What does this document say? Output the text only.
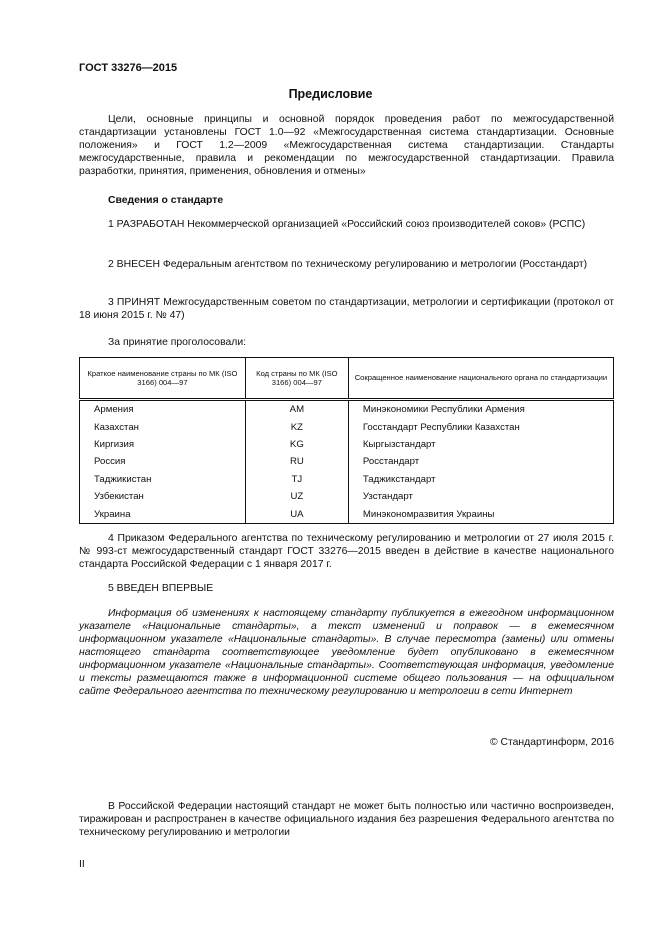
ГОСТ 33276—2015
Предисловие
Цели, основные принципы и основной порядок проведения работ по межгосударственной стандартизации установлены ГОСТ 1.0—92 «Межгосударственная система стандартизации. Основные положения» и ГОСТ 1.2—2009 «Межгосударственная система стандартизации. Стандарты межгосударственные, правила и рекомендации по межгосударственной стандартизации. Правила разработки, принятия, применения, обновления и отмены»
Сведения о стандарте
1 РАЗРАБОТАН Некоммерческой организацией «Российский союз производителей соков» (РСПС)
2 ВНЕСЕН Федеральным агентством по техническому регулированию и метрологии (Росстандарт)
3 ПРИНЯТ Межгосударственным советом по стандартизации, метрологии и сертификации (протокол от 18 июня 2015 г. № 47)
За принятие проголосовали:
Краткое наименование страны по МК (ISO 3166) 004—97	Код страны по МК (ISO 3166) 004—97	Сокращенное наименование национального органа по стандартизации
Армения	AM	Минэкономики Республики Армения
Казахстан	KZ	Госстандарт Республики Казахстан
Киргизия	KG	Кыргызстандарт
Россия	RU	Росстандарт
Таджикистан	TJ	Таджикстандарт
Узбекистан	UZ	Узстандарт
Украина	UA	Минэкономразвития Украины
4 Приказом Федерального агентства по техническому регулированию и метрологии от 27 июля 2015 г. № 993-ст межгосударственный стандарт ГОСТ 33276—2015 введен в действие в качестве национального стандарта Российской Федерации с 1 января 2017 г.
5 ВВЕДЕН ВПЕРВЫЕ
Информация об изменениях к настоящему стандарту публикуется в ежегодном информационном указателе «Национальные стандарты», а текст изменений и поправок — в ежемесячном информационном указателе «Национальные стандарты». В случае пересмотра (замены) или отмены настоящего стандарта соответствующее уведомление будет опубликовано в ежемесячном информационном указателе «Национальные стандарты». Соответствующая информация, уведомление и тексты размещаются также в информационной системе общего пользования — на официальном сайте Федерального агентства по техническому регулированию и метрологии в сети Интернет
© Стандартинформ, 2016
В Российской Федерации настоящий стандарт не может быть полностью или частично воспроизведен, тиражирован и распространен в качестве официального издания без разрешения Федерального агентства по техническому регулированию и метрологии
II
